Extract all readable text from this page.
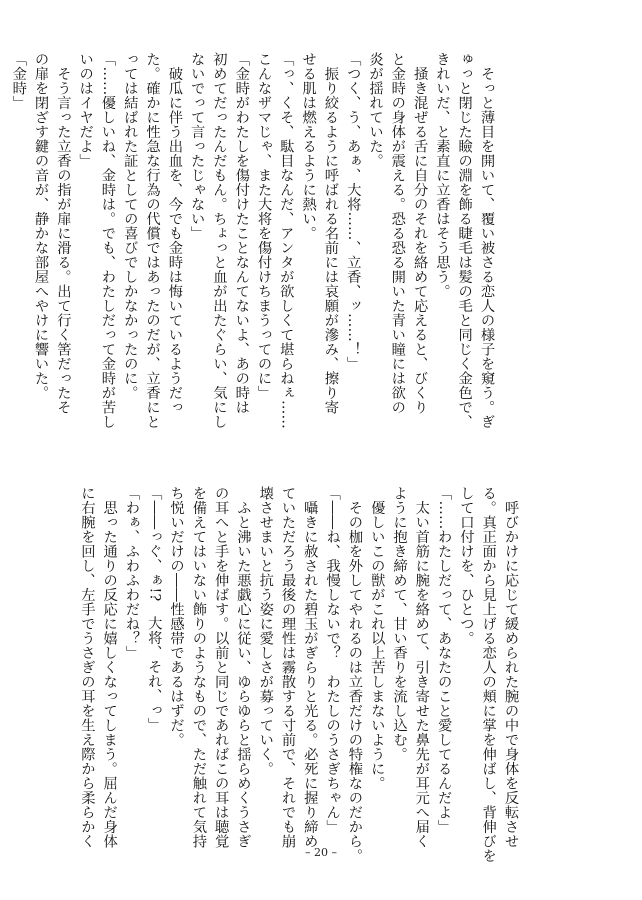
　そっと薄目を開いて、覆い被さる恋人の様子を窺う。ぎ
ゅっと閉じた瞼の淵を飾る睫毛は髪の毛と同じく金色で、
きれいだ、と素直に立香はそう思う。
　掻き混ぜる舌に自分のそれを絡めて応えると、びくり
と金時の身体が震える。恐る恐る開いた青い瞳には欲の
炎が揺れていた。
「つく、う、あぁ、大将……、立香、ッ……！」
　振り絞るように呼ばれる名前には哀願が滲み、擦り寄
せる肌は燃えるように熱い。
「っ、くそ、駄目なんだ、アンタが欲しくて堪らねぇ……
こんなザマじゃ、また大将を傷付けちまうってのに」
「金時がわたしを傷付けたことなんてないよ、あの時は
初めてだったんだもん。ちょっと血が出たぐらい、気にし
ないでって言ったじゃない」
　破瓜に伴う出血を、今でも金時は悔いているようだっ
た。確かに性急な行為の代償ではあったのだが、立香にと
っては結ばれた証としての喜びでしかなかったのに。
「……優しいね、金時は。でも、わたしだって金時が苦し
いのはイヤだよ」
　そう言った立香の指が扉に滑る。出て行く筈だったそ
の扉を閉ざす鍵の音が、静かな部屋へやけに響いた。
「金時」
　呼びかけに応じて緩められた腕の中で身体を反転させ
る。真正面から見上げる恋人の頬に掌を伸ばし、背伸びを
して口付けを、ひとつ。
「……わたしだって、あなたのこと愛してるんだよ」
　太い首筋に腕を絡めて、引き寄せた鼻先が耳元へ届く
ように抱き締めて、甘い香りを流し込む。
　優しいこの獣がこれ以上苦しまないように。
　その枷を外してやれるのは立香だけの特権なのだから。
「――ね、我慢しないで？　わたしのうさぎちゃん」
　囁きに赦された碧玉がぎらりと光る。必死に握り締め
ていただろう最後の理性は霧散する寸前で、それでも崩
壊させまいと抗う姿に愛しさが募っていく。
　ふと沸いた悪戯心に従い、ゆらゆらと揺らめくうさぎ
の耳へと手を伸ばす。以前と同じであればこの耳は聴覚
を備えてはいない飾りのようなもので、ただ触れて気持
ち悦いだけの――性感帯であるはずだ。
「――っぐ、ぁ!?　大将、それ、っ」
「わぁ、ふわふわだね？」
　思った通りの反応に嬉しくなってしまう。屈んだ身体
に右腕を回し、左手でうさぎの耳を生え際から柔らかく
– 20 –
